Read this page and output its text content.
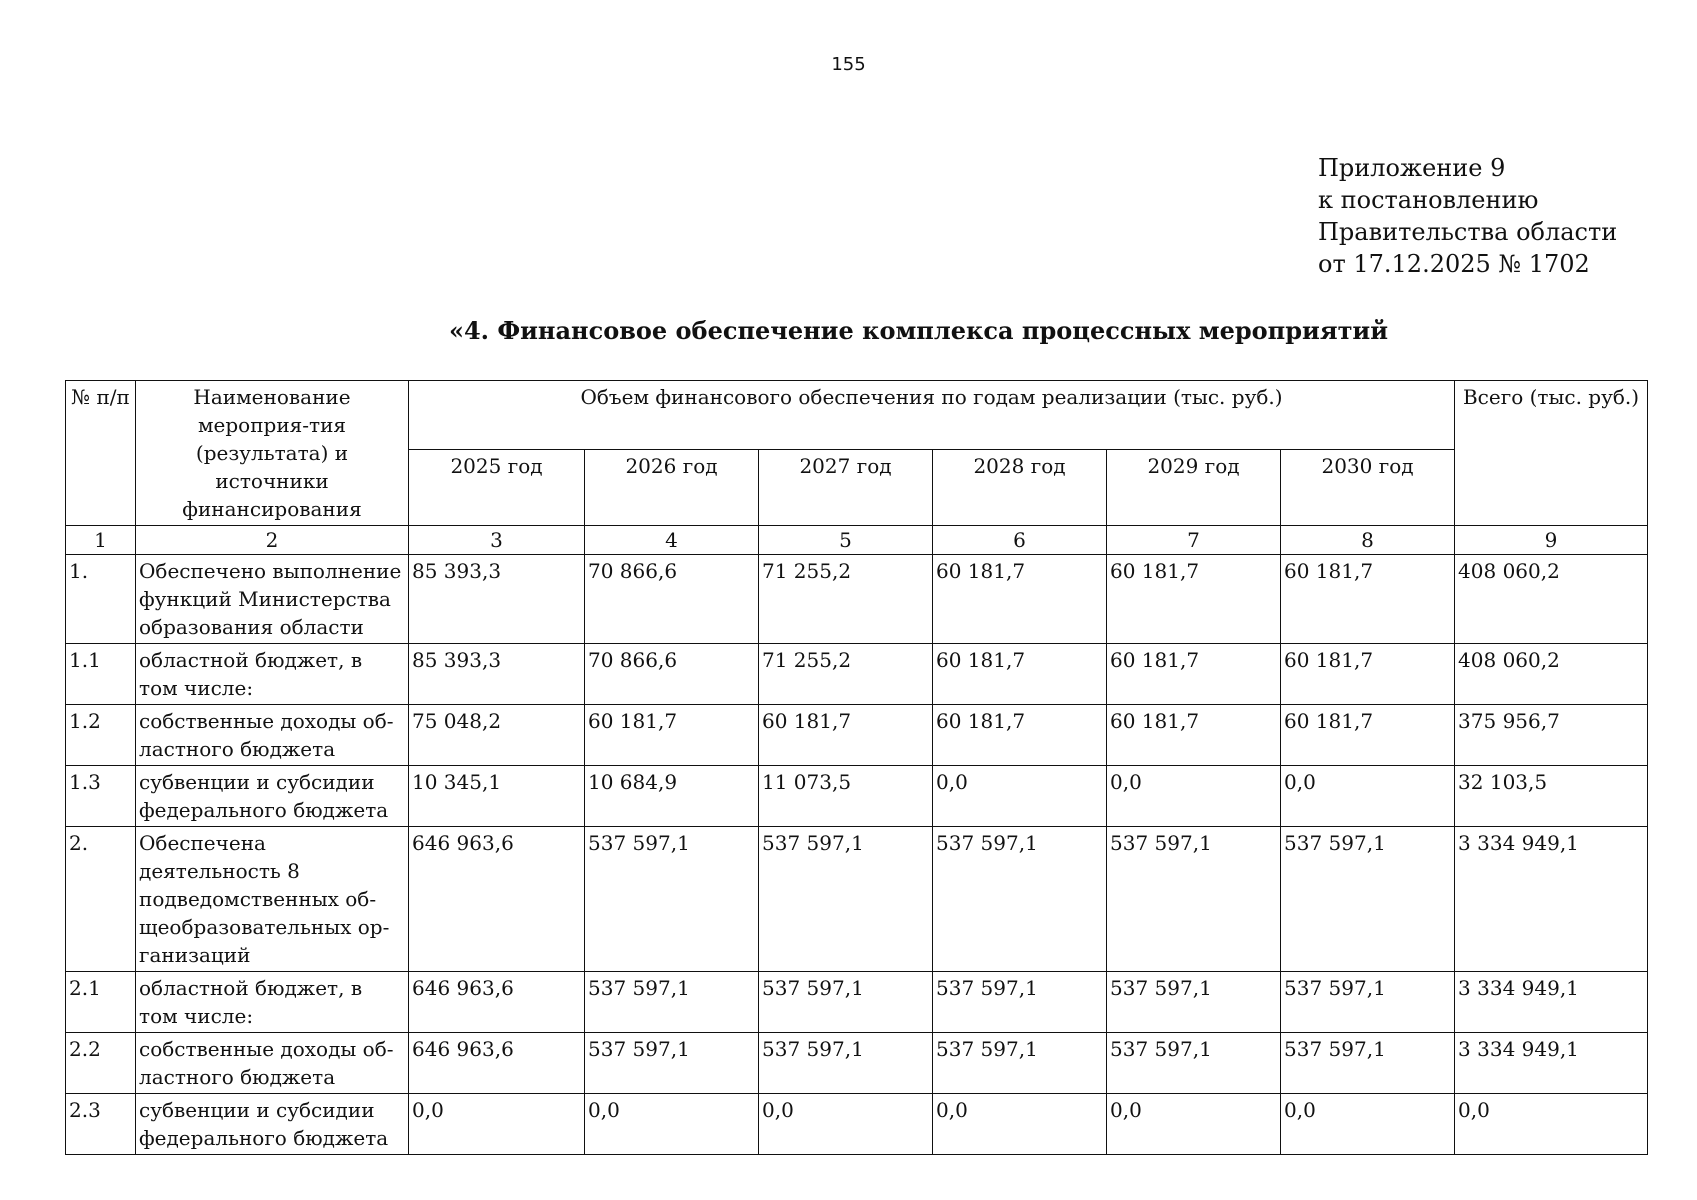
155
Приложение 9
к постановлению
Правительства области
от 17.12.2025 № 1702
«4. Финансовое обеспечение комплекса процессных мероприятий
№ п/п	Наименование мероприя-тия (результата) и источники финансирования	Объем финансового обеспечения по годам реализации (тыс. руб.)						Всего (тыс. руб.)
		2025 год	2026 год	2027 год	2028 год	2029 год	2030 год	
1	2	3	4	5	6	7	8	9
1.	Обеспечено выполнение функций Министерства образования области	85 393,3	70 866,6	71 255,2	60 181,7	60 181,7	60 181,7	408 060,2
1.1	областной бюджет, в том числе:	85 393,3	70 866,6	71 255,2	60 181,7	60 181,7	60 181,7	408 060,2
1.2	собственные доходы об-ластного бюджета	75 048,2	60 181,7	60 181,7	60 181,7	60 181,7	60 181,7	375 956,7
1.3	субвенции и субсидии федерального бюджета	10 345,1	10 684,9	11 073,5	0,0	0,0	0,0	32 103,5
2.	Обеспечена деятельность 8 подведомственных об-щеобразовательных ор-ганизаций	646 963,6	537 597,1	537 597,1	537 597,1	537 597,1	537 597,1	3 334 949,1
2.1	областной бюджет, в том числе:	646 963,6	537 597,1	537 597,1	537 597,1	537 597,1	537 597,1	3 334 949,1
2.2	собственные доходы об-ластного бюджета	646 963,6	537 597,1	537 597,1	537 597,1	537 597,1	537 597,1	3 334 949,1
2.3	субвенции и субсидии федерального бюджета	0,0	0,0	0,0	0,0	0,0	0,0	0,0
